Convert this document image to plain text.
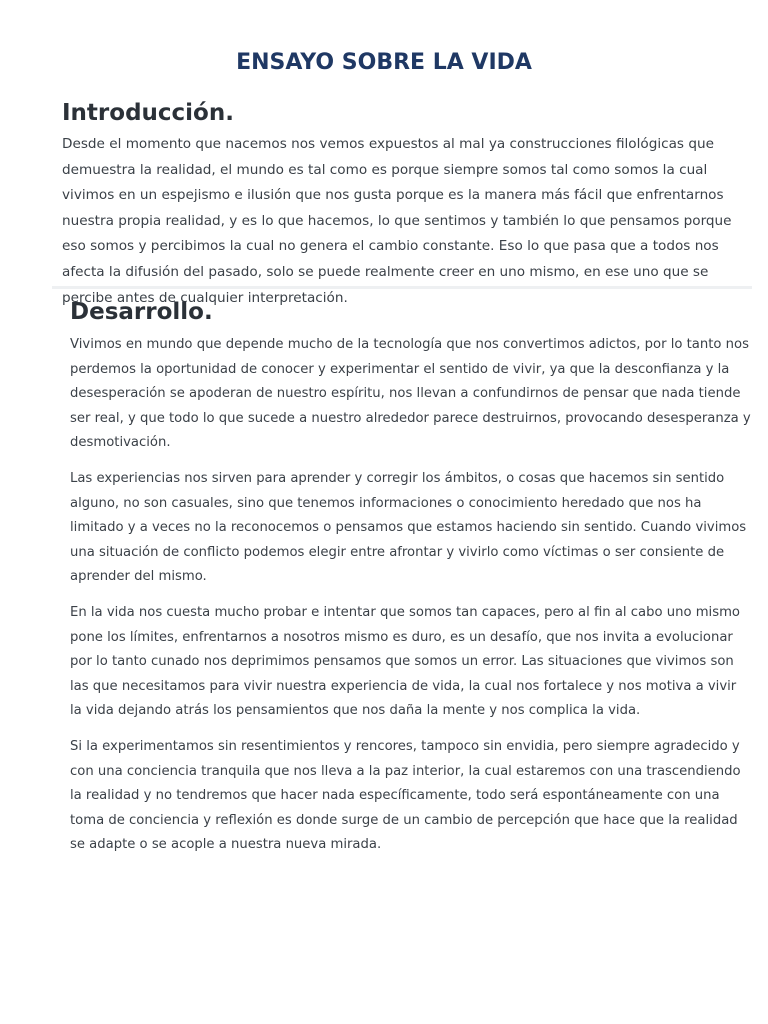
ENSAYO SOBRE LA VIDA
Introducción.

Desde el momento que nacemos nos vemos expuestos al mal ya construcciones filológicas que demuestra la realidad, el mundo es tal como es porque siempre somos tal como somos la cual vivimos en un espejismo e ilusión que nos gusta porque es la manera más fácil que enfrentarnos nuestra propia realidad, y es lo que hacemos, lo que sentimos y también lo que pensamos porque eso somos y percibimos la cual no genera el cambio constante. Eso lo que pasa que a todos nos afecta la difusión del pasado, solo se puede realmente creer en uno mismo, en ese uno que se percibe antes de cualquier interpretación.

Desarrollo.

Vivimos en mundo que depende mucho de la tecnología que nos convertimos adictos, por lo tanto nos perdemos la oportunidad de conocer y experimentar el sentido de vivir, ya que la desconfianza y la desesperación se apoderan de nuestro espíritu, nos llevan a confundirnos de pensar que nada tiende ser real, y que todo lo que sucede a nuestro alrededor parece destruirnos, provocando desesperanza y desmotivación.

Las experiencias nos sirven para aprender y corregir los ámbitos, o cosas que hacemos sin sentido alguno, no son casuales, sino que tenemos informaciones o conocimiento heredado que nos ha limitado y a veces no la reconocemos o pensamos que estamos haciendo sin sentido. Cuando vivimos una situación de conflicto podemos elegir entre afrontar y vivirlo como víctimas o ser consiente de aprender del mismo.

En la vida nos cuesta mucho probar e intentar que somos tan capaces, pero al fin al cabo uno mismo pone los límites, enfrentarnos a nosotros mismo es duro, es un desafío, que nos invita a evolucionar por lo tanto cunado nos deprimimos pensamos que somos un error. Las situaciones que vivimos son las que necesitamos para vivir nuestra experiencia de vida, la cual nos fortalece y nos motiva a vivir la vida dejando atrás los pensamientos que nos daña la mente y nos complica la vida.

Si la experimentamos sin resentimientos y rencores, tampoco sin envidia, pero siempre agradecido y con una conciencia tranquila que nos lleva a la paz interior, la cual estaremos con una trascendiendo la realidad y no tendremos que hacer nada específicamente, todo será espontáneamente con una toma de conciencia y reflexión es donde surge de un cambio de percepción que hace que la realidad se adapte o se acople a nuestra nueva mirada.
